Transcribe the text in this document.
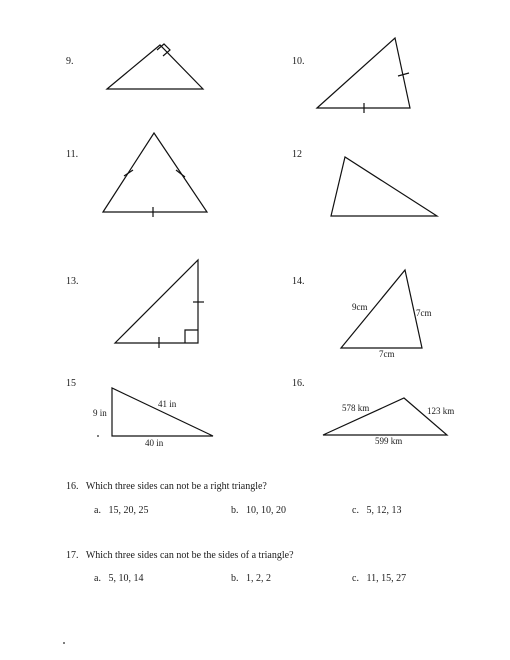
9.	10.
11.	12
13.	14.
15	16.
9cm
7cm
7cm
41 in
9 in
40 in
578 km	123 km
599 km
16. Which three sides can not be a right triangle?
a. 15, 20, 25	b. 10, 10, 20	c. 5, 12, 13
17. Which three sides can not be the sides of a triangle?
a. 5, 10, 14	b. 1, 2, 2	c. 11, 15, 27
